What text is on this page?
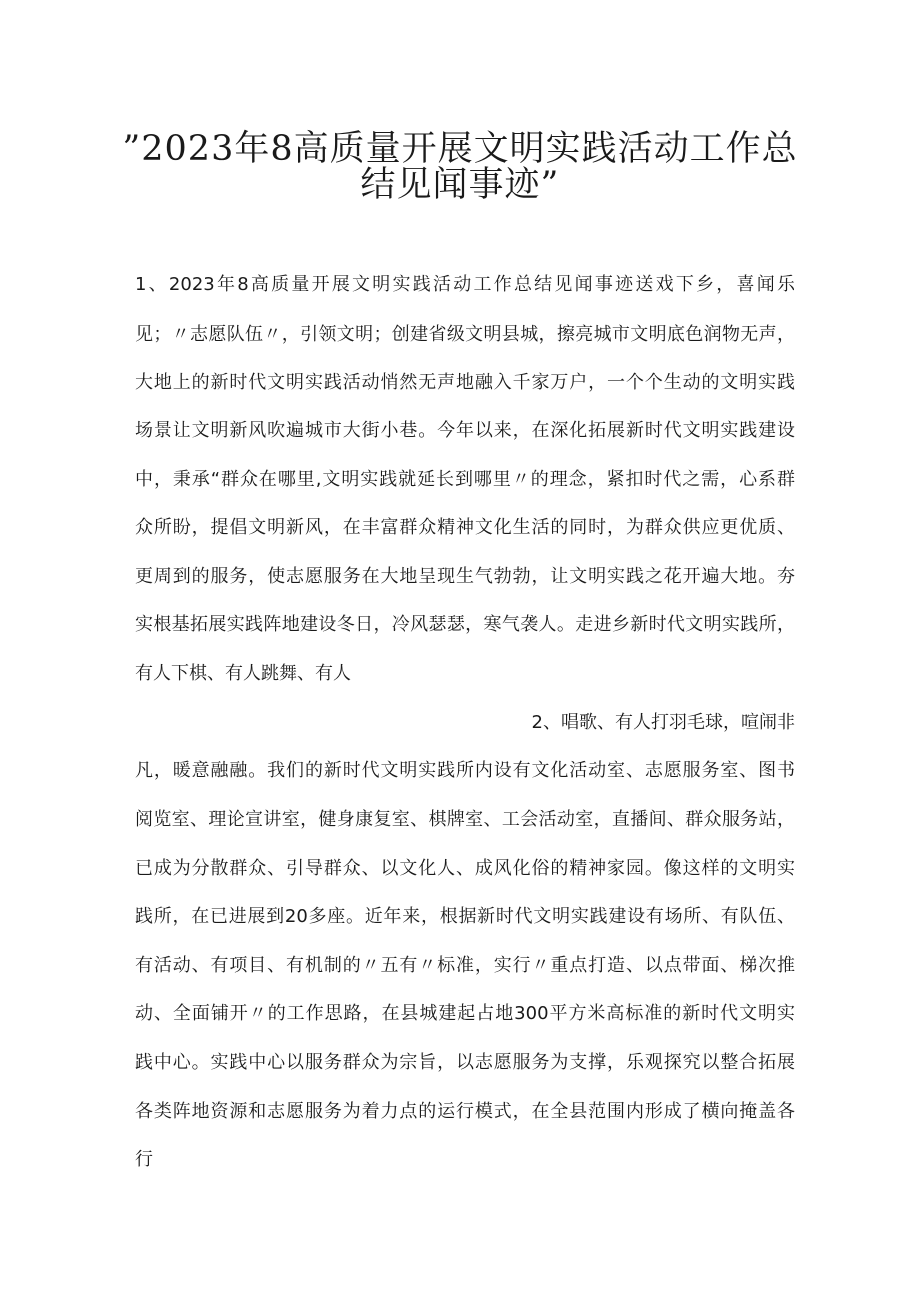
”2023年8高质量开展文明实践活动工作总
结见闻事迹”
1、2023年8高质量开展文明实践活动工作总结见闻事迹送戏下乡，喜闻乐
见；〃志愿队伍〃，引领文明；创建省级文明县城，擦亮城市文明底色润物无声，
大地上的新时代文明实践活动悄然无声地融入千家万户，一个个生动的文明实践
场景让文明新风吹遍城市大街小巷。今年以来，在深化拓展新时代文明实践建设
中，秉承“群众在哪里,文明实践就延长到哪里〃的理念，紧扣时代之需，心系群
众所盼，提倡文明新风，在丰富群众精神文化生活的同时，为群众供应更优质、
更周到的服务，使志愿服务在大地呈现生气勃勃，让文明实践之花开遍大地。夯
实根基拓展实践阵地建设冬日，冷风瑟瑟，寒气袭人。走进乡新时代文明实践所，
有人下棋、有人跳舞、有人
2、唱歌、有人打羽毛球，喧闹非
凡，暖意融融。我们的新时代文明实践所内设有文化活动室、志愿服务室、图书
阅览室、理论宣讲室，健身康复室、棋牌室、工会活动室，直播间、群众服务站，
已成为分散群众、引导群众、以文化人、成风化俗的精神家园。像这样的文明实
践所，在已进展到20多座。近年来，根据新时代文明实践建设有场所、有队伍、
有活动、有项目、有机制的〃五有〃标准，实行〃重点打造、以点带面、梯次推
动、全面铺开〃的工作思路，在县城建起占地300平方米高标准的新时代文明实
践中心。实践中心以服务群众为宗旨，以志愿服务为支撑，乐观探究以整合拓展
各类阵地资源和志愿服务为着力点的运行模式，在全县范围内形成了横向掩盖各
行
